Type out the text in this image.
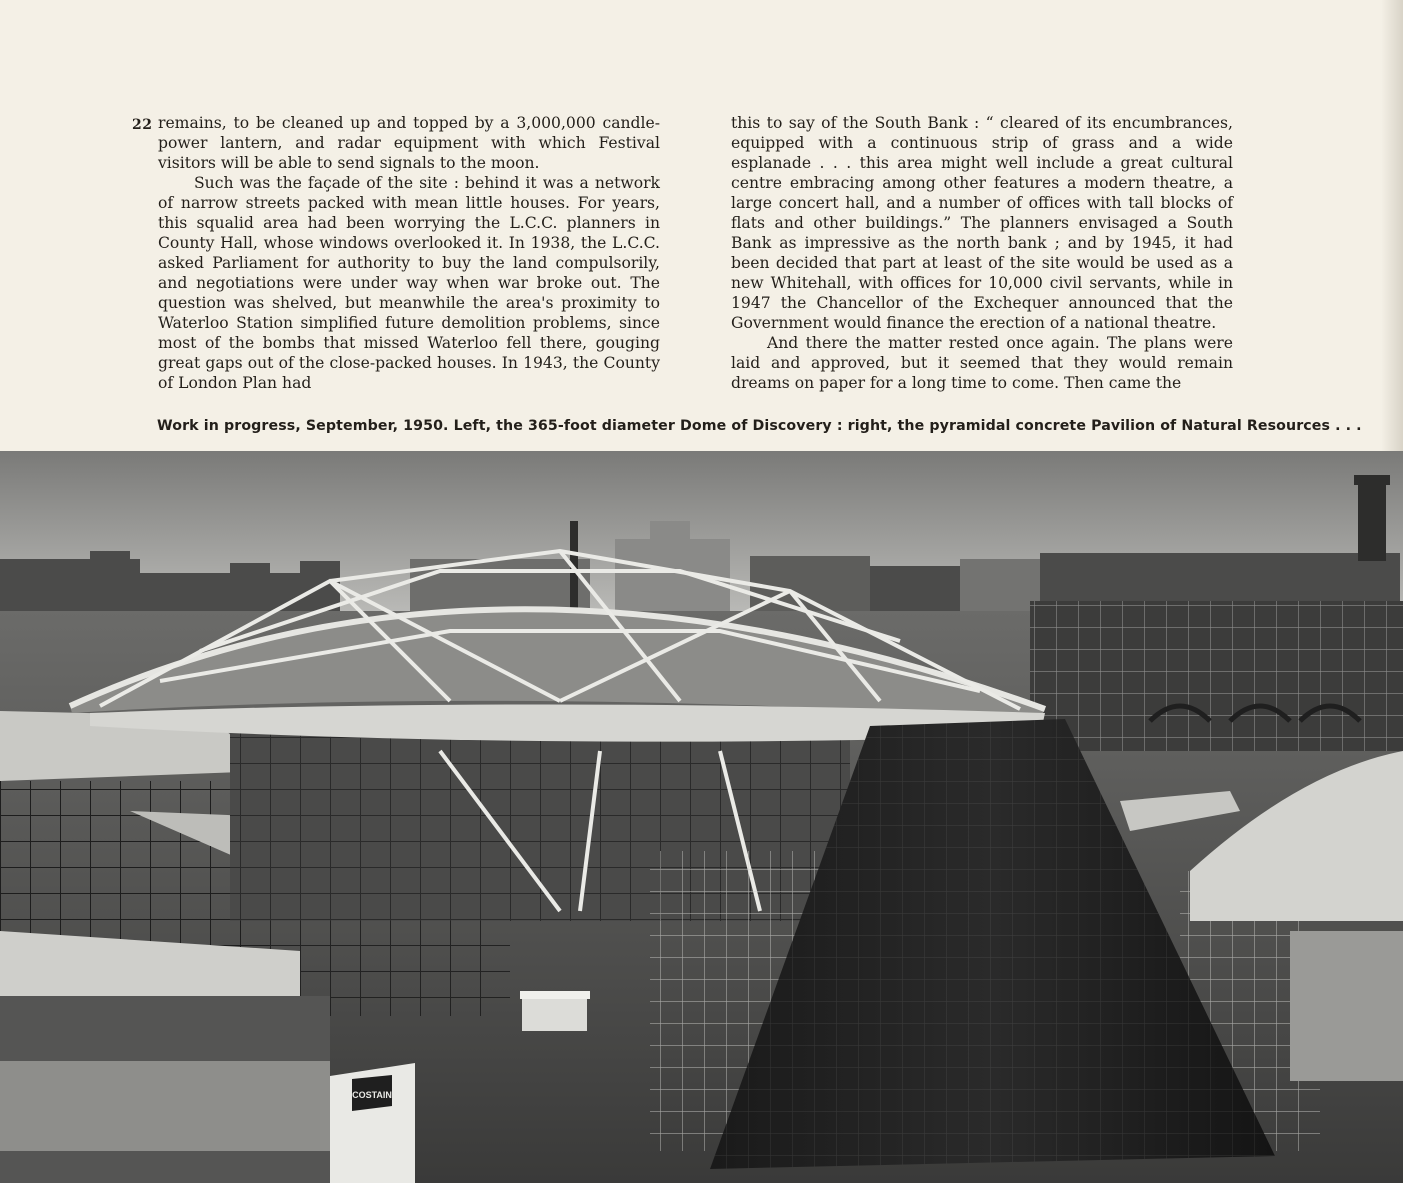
22 remains, to be cleaned up and topped by a 3,000,000 candle-power lantern, and radar equipment with which Festival visitors will be able to send signals to the moon.

Such was the façade of the site : behind it was a network of narrow streets packed with mean little houses. For years, this squalid area had been worrying the L.C.C. planners in County Hall, whose windows overlooked it. In 1938, the L.C.C. asked Parliament for authority to buy the land compulsorily, and negotiations were under way when war broke out. The question was shelved, but meanwhile the area's proximity to Waterloo Station simplified future demolition problems, since most of the bombs that missed Waterloo fell there, gouging great gaps out of the close-packed houses. In 1943, the County of London Plan had

this to say of the South Bank : “ cleared of its encumbrances, equipped with a continuous strip of grass and a wide esplanade . . . this area might well include a great cultural centre embracing among other features a modern theatre, a large concert hall, and a number of offices with tall blocks of flats and other buildings.” The planners envisaged a South Bank as impressive as the north bank ; and by 1945, it had been decided that part at least of the site would be used as a new Whitehall, with offices for 10,000 civil servants, while in 1947 the Chancellor of the Exchequer announced that the Government would finance the erection of a national theatre.

And there the matter rested once again. The plans were laid and approved, but it seemed that they would remain dreams on paper for a long time to come. Then came the

Work in progress, September, 1950. Left, the 365-foot diameter Dome of Discovery : right, the pyramidal concrete Pavilion of Natural Resources . . .
COSTAIN
